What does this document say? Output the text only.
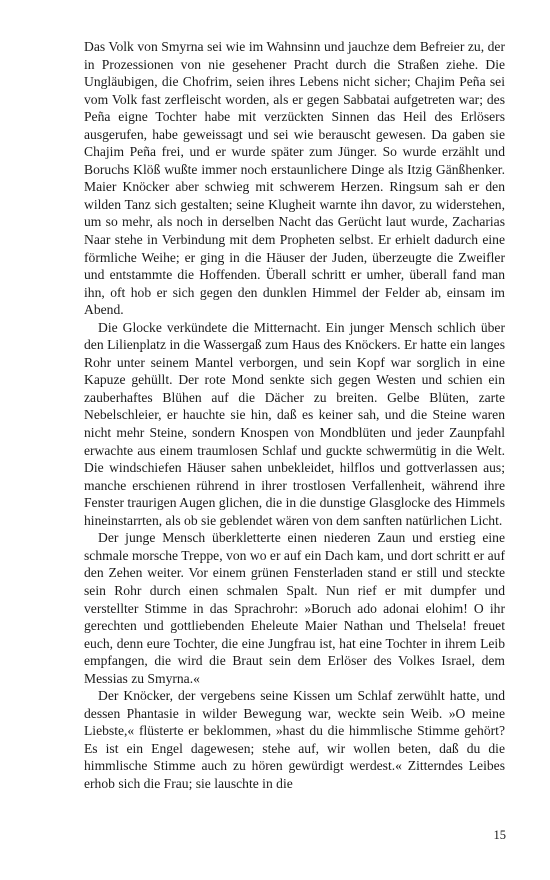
Das Volk von Smyrna sei wie im Wahnsinn und jauchze dem Befreier zu, der in Prozessionen von nie gesehener Pracht durch die Straßen ziehe. Die Ungläubigen, die Chofrim, seien ihres Lebens nicht sicher; Chajim Peña sei vom Volk fast zerfleischt worden, als er gegen Sabbatai aufgetreten war; des Peña eigne Tochter habe mit verzückten Sinnen das Heil des Erlösers ausgerufen, habe geweissagt und sei wie berauscht gewesen. Da gaben sie Chajim Peña frei, und er wurde später zum Jünger. So wurde erzählt und Boruchs Klöß wußte immer noch erstaunlichere Dinge als Itzig Gänßhenker. Maier Knöcker aber schwieg mit schwerem Herzen. Ringsum sah er den wilden Tanz sich gestalten; seine Klugheit warnte ihn davor, zu widerstehen, um so mehr, als noch in derselben Nacht das Gerücht laut wurde, Zacharias Naar stehe in Verbindung mit dem Propheten selbst. Er erhielt dadurch eine förmliche Weihe; er ging in die Häuser der Juden, überzeugte die Zweifler und entstammte die Hoffenden. Überall schritt er umher, überall fand man ihn, oft hob er sich gegen den dunklen Himmel der Felder ab, einsam im Abend.

Die Glocke verkündete die Mitternacht. Ein junger Mensch schlich über den Lilienplatz in die Wassergaß zum Haus des Knöckers. Er hatte ein langes Rohr unter seinem Mantel verborgen, und sein Kopf war sorglich in eine Kapuze gehüllt. Der rote Mond senkte sich gegen Westen und schien ein zauberhaftes Blühen auf die Dächer zu breiten. Gelbe Blüten, zarte Nebelschleier, er hauchte sie hin, daß es keiner sah, und die Steine waren nicht mehr Steine, sondern Knospen von Mondblüten und jeder Zaunpfahl erwachte aus einem traumlosen Schlaf und guckte schwermütig in die Welt. Die windschiefen Häuser sahen unbekleidet, hilflos und gottverlassen aus; manche erschienen rührend in ihrer trostlosen Verfallenheit, während ihre Fenster traurigen Augen glichen, die in die dunstige Glasglocke des Himmels hineinstarrten, als ob sie geblendet wären von dem sanften natürlichen Licht.

Der junge Mensch überkletterte einen niederen Zaun und erstieg eine schmale morsche Treppe, von wo er auf ein Dach kam, und dort schritt er auf den Zehen weiter. Vor einem grünen Fensterladen stand er still und steckte sein Rohr durch einen schmalen Spalt. Nun rief er mit dumpfer und verstellter Stimme in das Sprachrohr: »Boruch ado adonai elohim! O ihr gerechten und gottliebenden Eheleute Maier Nathan und Thelsela! freuet euch, denn eure Tochter, die eine Jungfrau ist, hat eine Tochter in ihrem Leib empfangen, die wird die Braut sein dem Erlöser des Volkes Israel, dem Messias zu Smyrna.«

Der Knöcker, der vergebens seine Kissen um Schlaf zerwühlt hatte, und dessen Phantasie in wilder Bewegung war, weckte sein Weib. »O meine Liebste,« flüsterte er beklommen, »hast du die himmlische Stimme gehört? Es ist ein Engel dagewesen; stehe auf, wir wollen beten, daß du die himmlische Stimme auch zu hören gewürdigt werdest.« Zitterndes Leibes erhob sich die Frau; sie lauschte in die

15
